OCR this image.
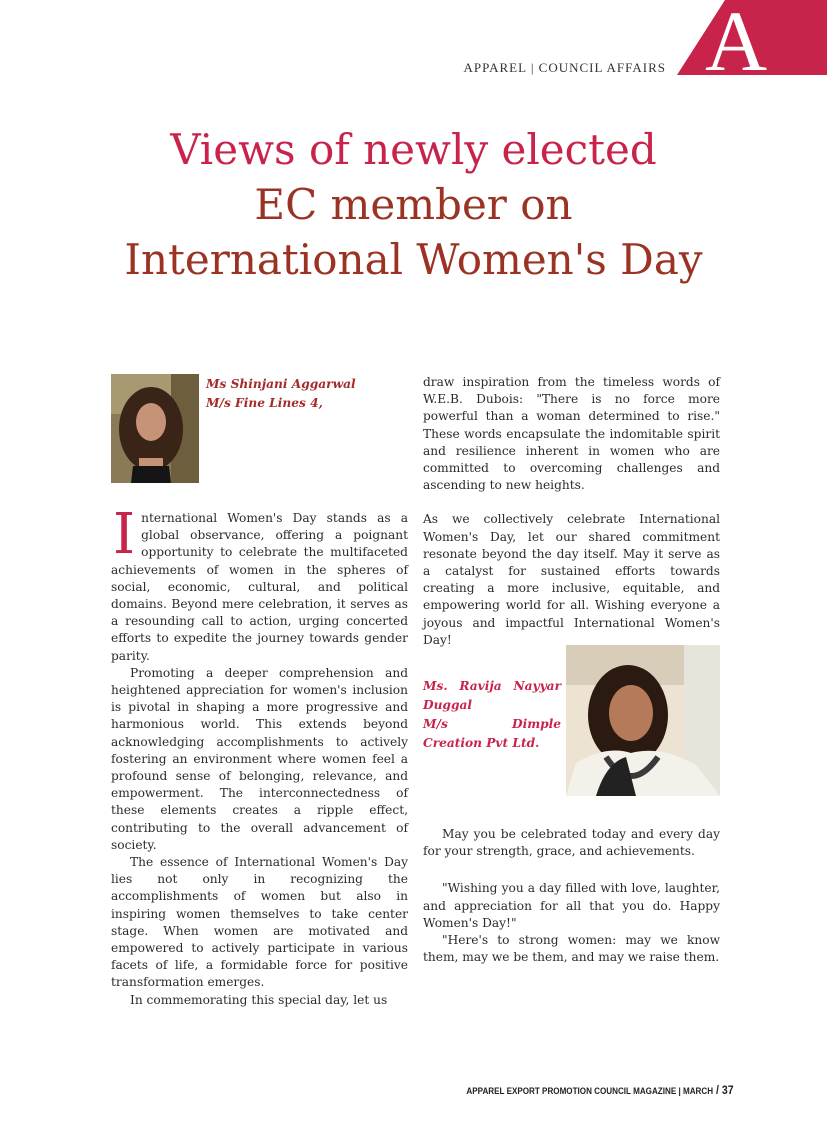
APPAREL | COUNCIL AFFAIRS A
Views of newly elected
EC member on
International Women's Day
Ms Shinjani Aggarwal
M/s Fine Lines 4,

International Women's Day stands as a global observance, offering a poignant opportunity to celebrate the multifaceted achievements of women in the spheres of social, economic, cultural, and political domains. Beyond mere celebration, it serves as a resounding call to action, urging concerted efforts to expedite the journey towards gender parity.

Promoting a deeper comprehension and heightened appreciation for women's inclusion is pivotal in shaping a more progressive and harmonious world. This extends beyond acknowledging accomplishments to actively fostering an environment where women feel a profound sense of belonging, relevance, and empowerment. The interconnectedness of these elements creates a ripple effect, contributing to the overall advancement of society.

The essence of International Women's Day lies not only in recognizing the accomplishments of women but also in inspiring women themselves to take center stage. When women are motivated and empowered to actively participate in various facets of life, a formidable force for positive transformation emerges.

In commemorating this special day, let us

draw inspiration from the timeless words of W.E.B. Dubois: "There is no force more powerful than a woman determined to rise." These words encapsulate the indomitable spirit and resilience inherent in women who are committed to overcoming challenges and ascending to new heights.

As we collectively celebrate International Women's Day, let our shared commitment resonate beyond the day itself. May it serve as a catalyst for sustained efforts towards creating a more inclusive, equitable, and empowering world for all. Wishing everyone a joyous and impactful International Women's Day!

Ms. Ravija Nayyar Duggal
M/s Dimple Creation Pvt Ltd.

May you be celebrated today and every day for your strength, grace, and achievements.

"Wishing you a day filled with love, laughter, and appreciation for all that you do. Happy Women's Day!"

"Here's to strong women: may we know them, may we be them, and may we raise them.

APPAREL EXPORT PROMOTION COUNCIL MAGAZINE | MARCH / 37
